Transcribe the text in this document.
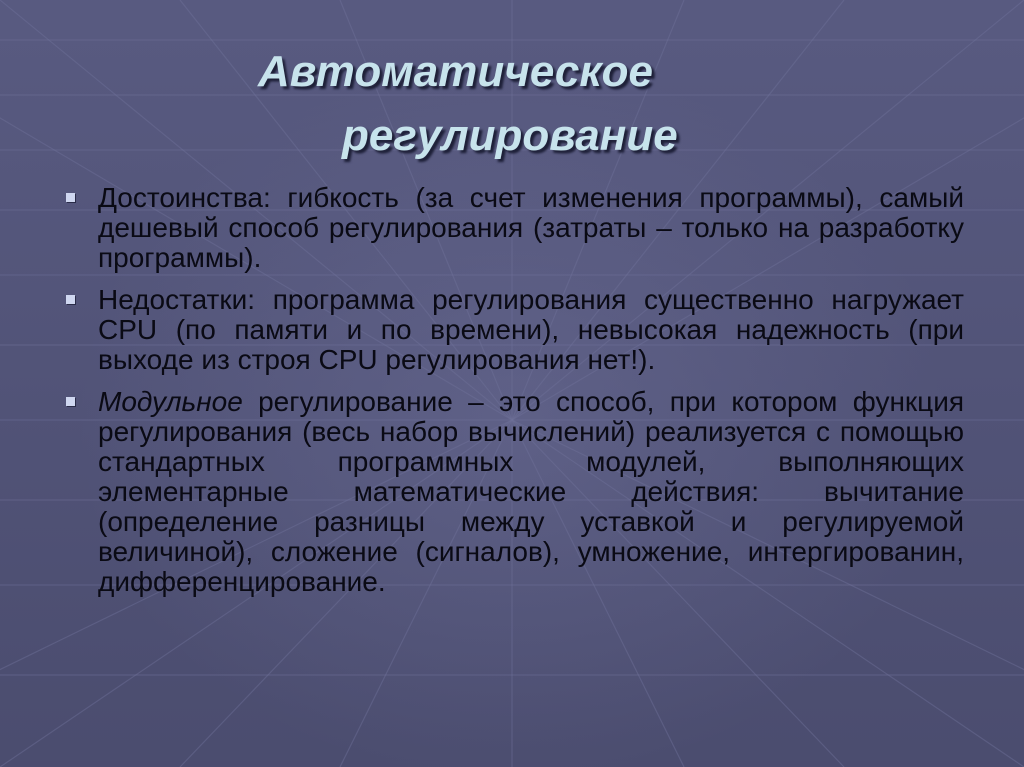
Автоматическое
регулирование
Достоинства: гибкость (за счет изменения программы), самый дешевый способ регулирования (затраты – только на разработку программы).
Недостатки: программа регулирования существенно нагружает CPU (по памяти и по времени), невысокая надежность (при выходе из строя CPU регулирования нет!).
Модульное регулирование – это способ, при котором функция регулирования (весь набор вычислений) реализуется с помощью стандартных программных модулей, выполняющих элементарные математические действия: вычитание (определение разницы между уставкой и регулируемой величиной), сложение (сигналов), умножение, интергированин, дифференцирование.
